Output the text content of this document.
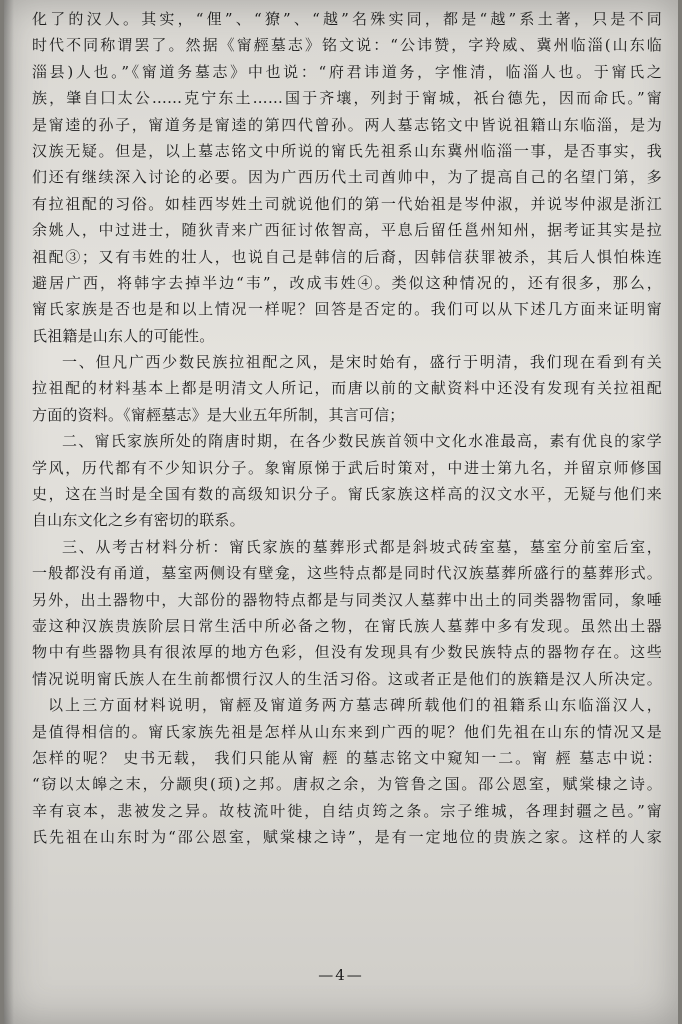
化了的汉人。其实，“俚”、“獠”、“越”名殊实同，都是“越”系土著，只是不同
时代不同称谓罢了。然据《甯䞓墓志》铭文说：“公讳赞，字羚威、冀州临淄(山东临
淄县)人也。”《甯道务墓志》中也说：“府君讳道务，字惟清，临淄人也。于甯氏之
族，肇自囗太公……克宁东土……国于齐壤，列封于甯城，祇台德先，因而命氏。”甯
是甯逵的孙子，甯道务是甯逵的第四代曾孙。两人墓志铭文中皆说祖籍山东临淄，是为
汉族无疑。但是，以上墓志铭文中所说的甯氏先祖系山东冀州临淄一事，是否事实，我
们还有继续深入讨论的必要。因为广西历代土司酋帅中，为了提高自己的名望门第，多
有拉祖配的习俗。如桂西岑姓土司就说他们的第一代始祖是岑仲淑，并说岑仲淑是浙江
余姚人，中过进士，随狄青来广西征讨侬智高，平息后留任邕州知州，据考证其实是拉
祖配③；又有韦姓的壮人，也说自己是韩信的后裔，因韩信获罪被杀，其后人惧怕株连
避居广西，将韩字去掉半边“韦”，改成韦姓④。类似这种情况的，还有很多，那么，
甯氏家族是否也是和以上情况一样呢？回答是否定的。我们可以从下述几方面来证明甯
氏祖籍是山东人的可能性。
一、但凡广西少数民族拉祖配之风，是宋时始有，盛行于明清，我们现在看到有关
拉祖配的材料基本上都是明清文人所记，而唐以前的文献资料中还没有发现有关拉祖配
方面的资料。《甯䞓墓志》是大业五年所制，其言可信；
二、甯氏家族所处的隋唐时期，在各少数民族首领中文化水准最高，素有优良的家学
学风，历代都有不少知识分子。象甯原悌于武后时策对，中进士第九名，并留京师修国
史，这在当时是全国有数的高级知识分子。甯氏家族这样高的汉文水平，无疑与他们来
自山东文化之乡有密切的联系。
三、从考古材料分析：甯氏家族的墓葬形式都是斜坡式砖室墓，墓室分前室后室，
一般都没有甬道，墓室两侧设有壁龛，这些特点都是同时代汉族墓葬所盛行的墓葬形式。
另外，出土器物中，大部份的器物特点都是与同类汉人墓葬中出土的同类器物雷同，象唾
壶这种汉族贵族阶层日常生活中所必备之物，在甯氏族人墓葬中多有发现。虽然出土器
物中有些器物具有很浓厚的地方色彩，但没有发现具有少数民族特点的器物存在。这些
情况说明甯氏族人在生前都惯行汉人的生活习俗。这或者正是他们的族籍是汉人所决定。
以上三方面材料说明，甯䞓及甯道务两方墓志碑所载他们的祖籍系山东临淄汉人，
是值得相信的。甯氏家族先祖是怎样从山东来到广西的呢？他们先祖在山东的情况又是
怎样的呢？ 史书无载， 我们只能从甯 䞓 的墓志铭文中窥知一二。甯 䞓 墓志中说：
“窃以太皞之末，分颛臾(顼)之邦。唐叔之余，为管鲁之国。邵公恩室，赋棠棣之诗。
辛有哀本，悲被发之异。故枝流叶徙，自结贞筠之条。宗子维城，各理封疆之邑。”甯
氏先祖在山东时为“邵公恩室，赋棠棣之诗”，是有一定地位的贵族之家。这样的人家
—4—
